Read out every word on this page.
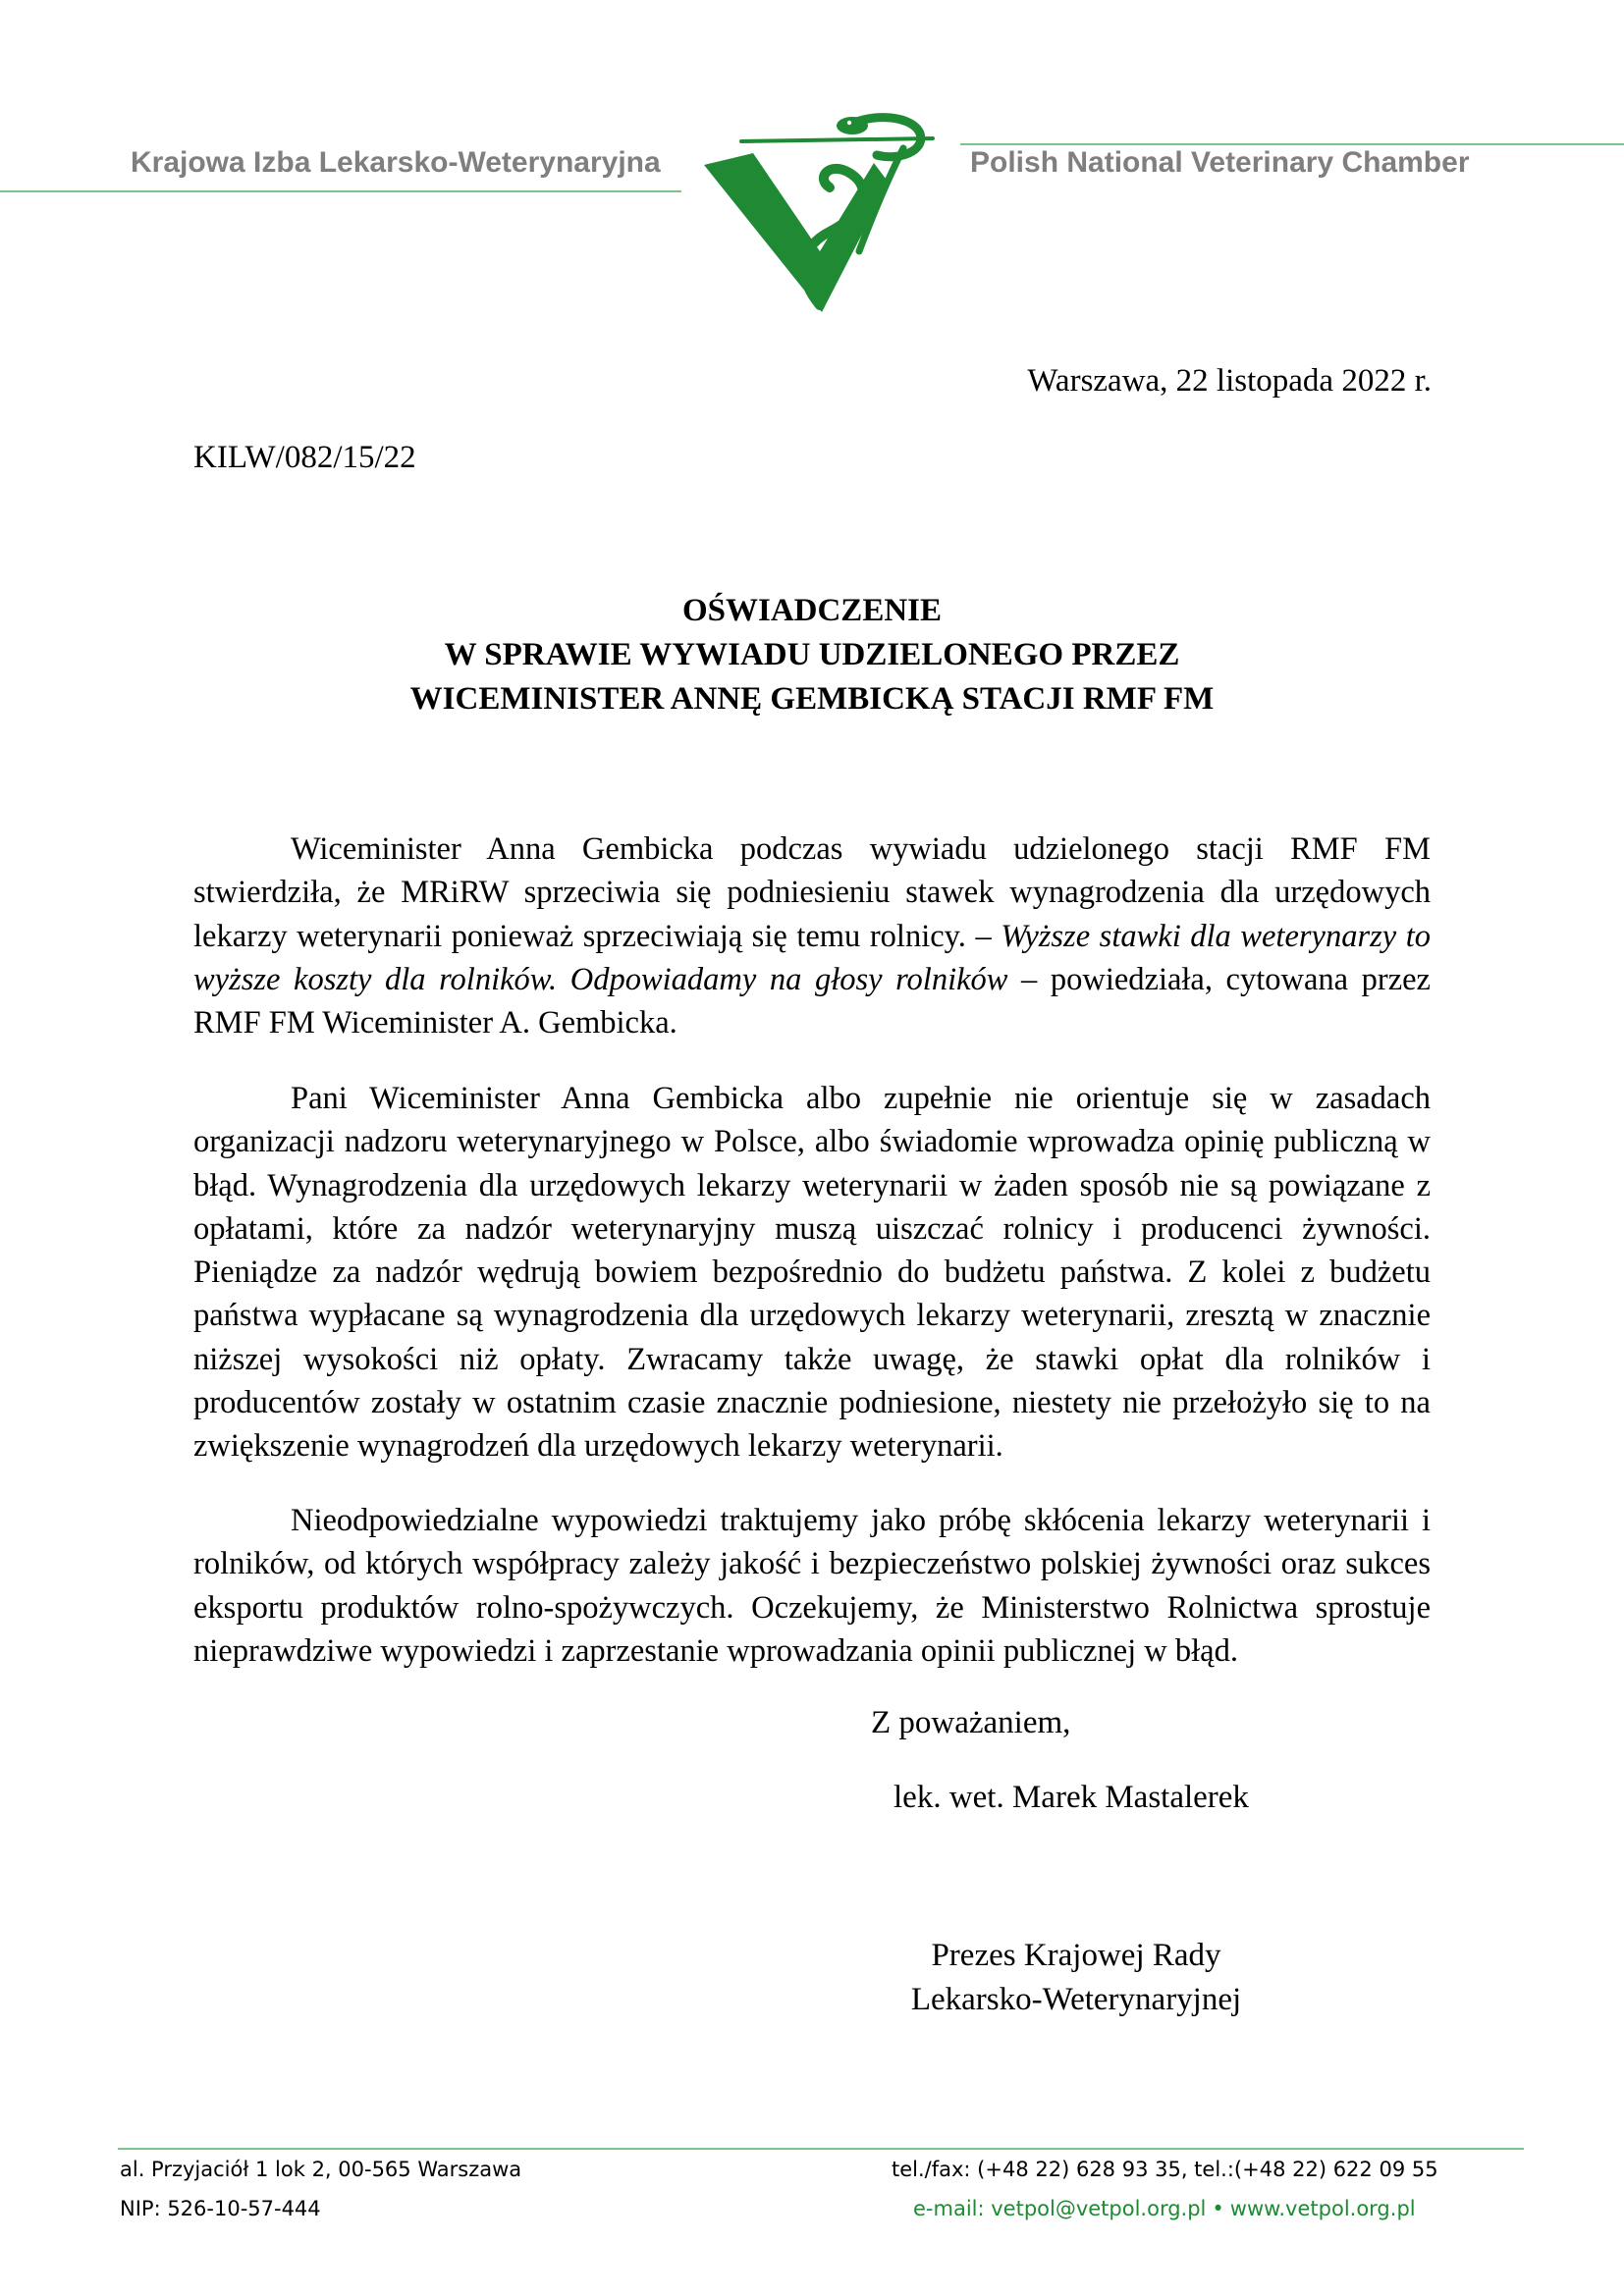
Krajowa Izba Lekarsko-Weterynaryjna	Polish National Veterinary Chamber
Warszawa, 22 listopada 2022 r.
KILW/082/15/22
OŚWIADCZENIE
W SPRAWIE WYWIADU UDZIELONEGO PRZEZ
WICEMINISTER ANNĘ GEMBICKĄ STACJI RMF FM
Wiceminister Anna Gembicka podczas wywiadu udzielonego stacji RMF FM stwierdziła, że MRiRW sprzeciwia się podniesieniu stawek wynagrodzenia dla urzędowych lekarzy weterynarii ponieważ sprzeciwiają się temu rolnicy. – Wyższe stawki dla weterynarzy to wyższe koszty dla rolników. Odpowiadamy na głosy rolników – powiedziała, cytowana przez RMF FM Wiceminister A. Gembicka.
Pani Wiceminister Anna Gembicka albo zupełnie nie orientuje się w zasadach organizacji nadzoru weterynaryjnego w Polsce, albo świadomie wprowadza opinię publiczną w błąd. Wynagrodzenia dla urzędowych lekarzy weterynarii w żaden sposób nie są powiązane z opłatami, które za nadzór weterynaryjny muszą uiszczać rolnicy i producenci żywności. Pieniądze za nadzór wędrują bowiem bezpośrednio do budżetu państwa. Z kolei z budżetu państwa wypłacane są wynagrodzenia dla urzędowych lekarzy weterynarii, zresztą w znacznie niższej wysokości niż opłaty. Zwracamy także uwagę, że stawki opłat dla rolników i producentów zostały w ostatnim czasie znacznie podniesione, niestety nie przełożyło się to na zwiększenie wynagrodzeń dla urzędowych lekarzy weterynarii.
Nieodpowiedzialne wypowiedzi traktujemy jako próbę skłócenia lekarzy weterynarii i rolników, od których współpracy zależy jakość i bezpieczeństwo polskiej żywności oraz sukces eksportu produktów rolno-spożywczych. Oczekujemy, że Ministerstwo Rolnictwa sprostuje nieprawdziwe wypowiedzi i zaprzestanie wprowadzania opinii publicznej w błąd.
Z poważaniem,
lek. wet. Marek Mastalerek
Prezes Krajowej Rady
Lekarsko-Weterynaryjnej
al. Przyjaciół 1 lok 2, 00-565 Warszawa
NIP: 526-10-57-444
tel./fax: (+48 22) 628 93 35, tel.:(+48 22) 622 09 55
e-mail: vetpol@vetpol.org.pl • www.vetpol.org.pl
